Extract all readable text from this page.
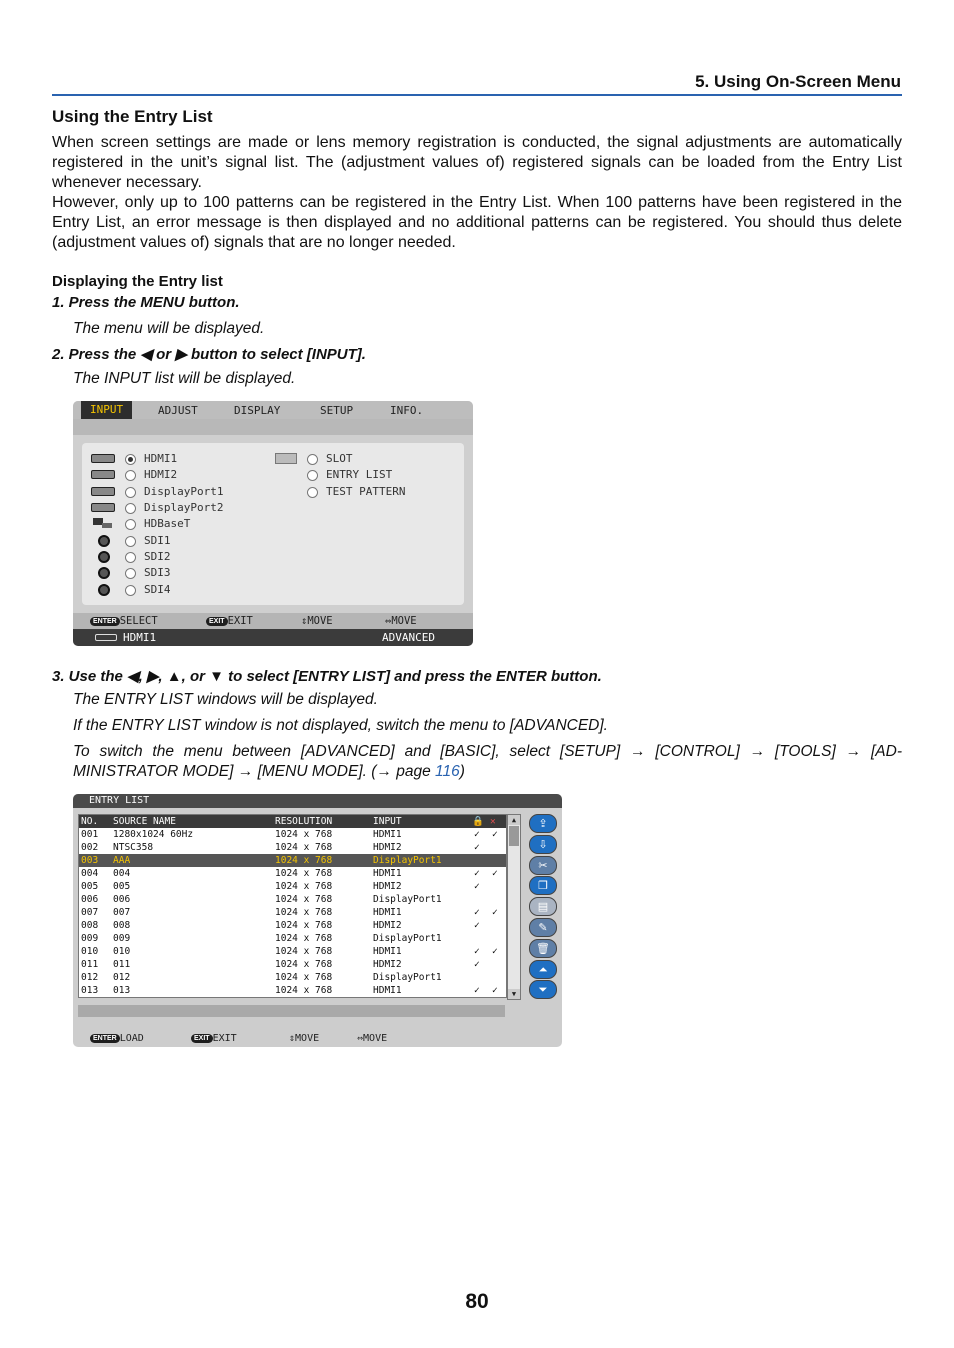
5. Using On-Screen Menu
Using the Entry List
When screen settings are made or lens memory registration is conducted, the signal adjustments are automatically registered in the unit’s signal list. The (adjustment values of) registered signals can be loaded from the Entry List whenever necessary.
However, only up to 100 patterns can be registered in the Entry List. When 100 patterns have been registered in the Entry List, an error message is then displayed and no additional patterns can be registered. You should thus delete (adjustment values of) signals that are no longer needed.
Displaying the Entry list
1. Press the MENU button.
The menu will be displayed.
2. Press the ◀ or ▶ button to select [INPUT].
The INPUT list will be displayed.
INPUT	ADJUST	DISPLAY	SETUP	INFO.
HDMI1
HDMI2
DisplayPort1
DisplayPort2
HDBaseT
SDI1
SDI2
SDI3
SDI4
SLOT
ENTRY LIST
TEST PATTERN
ENTER SELECT	EXIT EXIT	⇕MOVE	⇔MOVE
HDMI1	ADVANCED
3. Use the ◀, ▶, ▲, or ▼ to select [ENTRY LIST] and press the ENTER button.
The ENTRY LIST windows will be displayed.
If the ENTRY LIST window is not displayed, switch the menu to [ADVANCED].
To switch the menu between [ADVANCED] and [BASIC], select [SETUP] → [CONTROL] → [TOOLS] → [AD-
MINISTRATOR MODE] → [MENU MODE]. (→ page 116)
ENTRY LIST
NO. SOURCE NAME	RESOLUTION	INPUT	🔒 ✕
001 1280x1024 60Hz	1024 x 768	HDMI1	✓ ✓
002 NTSC358	1024 x 768	HDMI2	✓
003 AAA	1024 x 768	DisplayPort1
004 004	1024 x 768	HDMI1	✓ ✓
005 005	1024 x 768	HDMI2	✓
006 006	1024 x 768	DisplayPort1
007 007	1024 x 768	HDMI1	✓ ✓
008 008	1024 x 768	HDMI2	✓
009 009	1024 x 768	DisplayPort1
010 010	1024 x 768	HDMI1	✓ ✓
011 011	1024 x 768	HDMI2	✓
012 012	1024 x 768	DisplayPort1
013 013	1024 x 768	HDMI1	✓ ✓
▲
▼
⇪
⇩
✂
❐
▤
✎
🗑
⏶
⏷
ENTER LOAD	EXIT EXIT	⇕MOVE	⇔MOVE
80
